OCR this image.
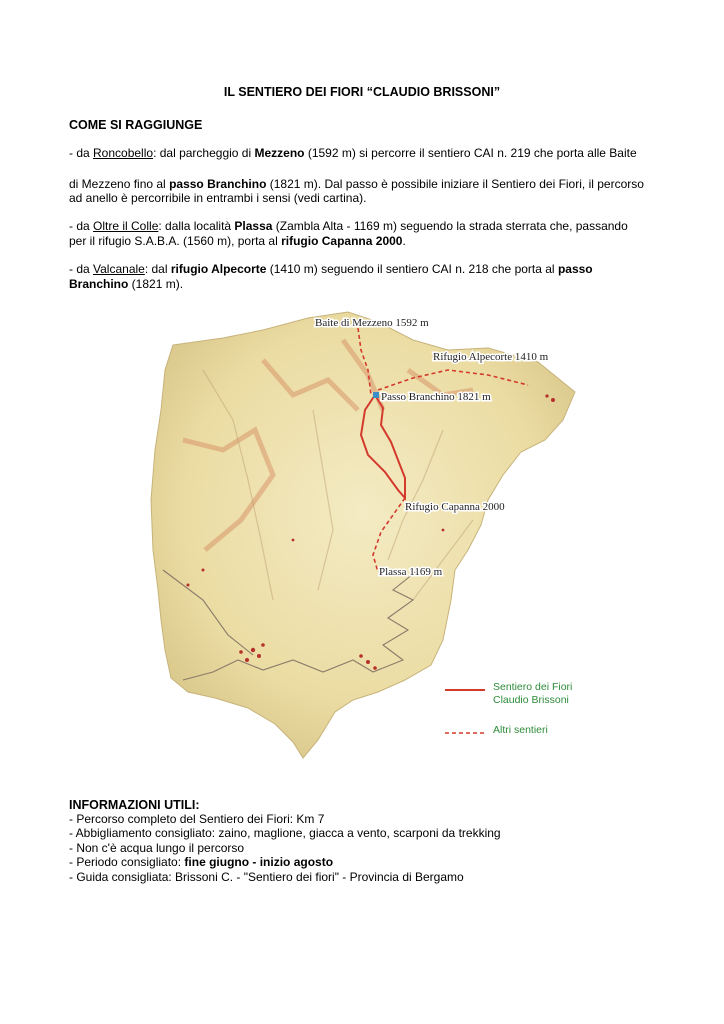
IL SENTIERO DEI FIORI “CLAUDIO BRISSONI”
COME SI RAGGIUNGE
- da Roncobello: dal parcheggio di Mezzeno (1592 m) si percorre il sentiero CAI n. 219 che porta alle Baite
di Mezzeno fino al passo Branchino (1821 m). Dal passo è possibile iniziare il Sentiero dei Fiori, il percorso
ad anello è percorribile in entrambi i sensi (vedi cartina).
- da Oltre il Colle: dalla località Plassa (Zambla Alta - 1169 m) seguendo la strada sterrata che, passando
per il rifugio S.A.B.A. (1560 m), porta al rifugio Capanna 2000.
- da Valcanale: dal rifugio Alpecorte (1410 m) seguendo il sentiero CAI n. 218 che porta al passo
Branchino (1821 m).
Baite di Mezzeno 1592 m
Rifugio Alpecorte 1410 m
Passo Branchino 1821 m
Rifugio Capanna 2000
Plassa 1169 m
Sentiero dei Fiori
Claudio Brissoni
Altri sentieri
INFORMAZIONI UTILI:
- Percorso completo del Sentiero dei Fiori: Km 7
- Abbigliamento consigliato: zaino, maglione, giacca a vento, scarponi da trekking
- Non c'è acqua lungo il percorso
- Periodo consigliato: fine giugno - inizio agosto
- Guida consigliata: Brissoni C. - "Sentiero dei fiori" - Provincia di Bergamo
